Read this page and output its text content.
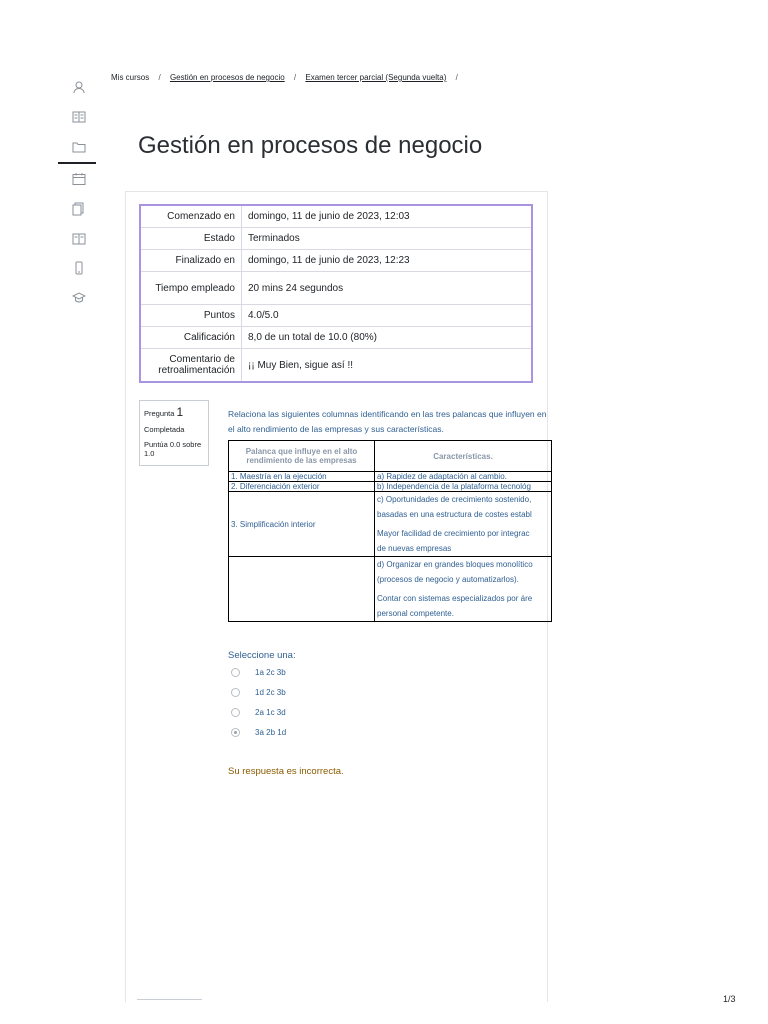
Mis cursos / Gestión en procesos de negocio / Examen tercer parcial (Segunda vuelta) /
Gestión en procesos de negocio
Comenzado en	domingo, 11 de junio de 2023, 12:03
Estado	Terminados
Finalizado en	domingo, 11 de junio de 2023, 12:23
Tiempo empleado	20 mins 24 segundos
Puntos	4.0/5.0
Calificación	8,0 de un total de 10.0 (80%)
Comentario de retroalimentación	¡¡ Muy Bien, sigue así !!
Pregunta 1
Completada
Puntúa 0.0 sobre 1.0
Relaciona las siguientes columnas identificando en las tres palancas que influyen en el alto rendimiento de las empresas y sus características.
Palanca que influye en el alto rendimiento de las empresas	Características.
1. Maestría en la ejecución	a) Rapidez de adaptación al cambio.
2. Diferenciación exterior	b) Independencia de la plataforma tecnológ
3. Simplificación interior	c) Oportunidades de crecimiento sostenido,
basadas en una estructura de costes establ
Mayor facilidad de crecimiento por integrac
de nuevas empresas

	d) Organizar en grandes bloques monolítico
(procesos de negocio y automatizarlos).
Contar con sistemas especializados por áre
personal competente.
Seleccione una:
1a 2c 3b
1d 2c 3b
2a 1c 3d
3a 2b 1d
Su respuesta es incorrecta.
1/3
